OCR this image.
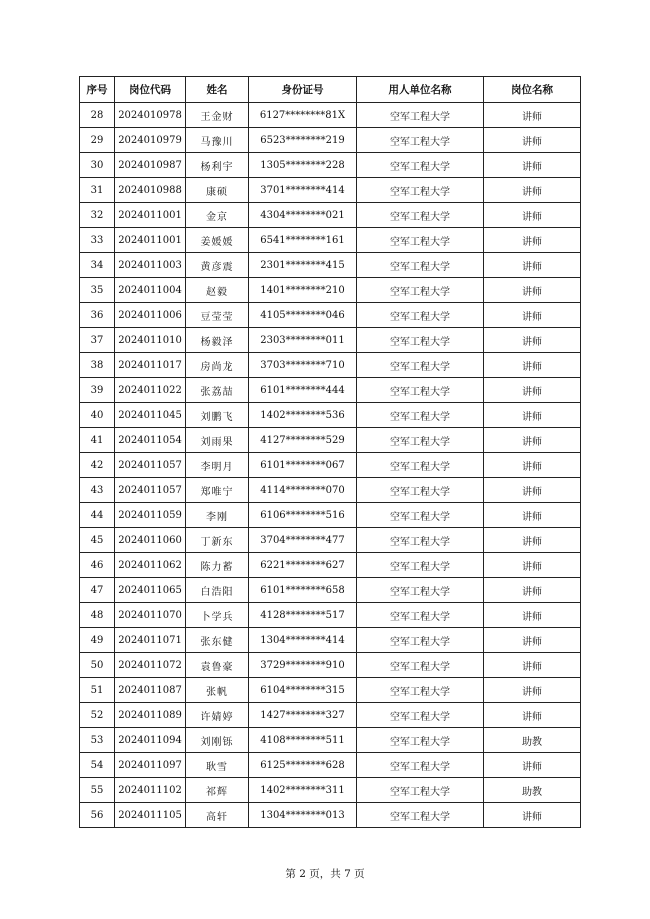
序号	岗位代码	姓名	身份证号	用人单位名称	岗位名称
28	2024010978	王金财	6127********81X	空军工程大学	讲师
29	2024010979	马豫川	6523********219	空军工程大学	讲师
30	2024010987	杨利宇	1305********228	空军工程大学	讲师
31	2024010988	康硕	3701********414	空军工程大学	讲师
32	2024011001	金京	4304********021	空军工程大学	讲师
33	2024011001	姜媛媛	6541********161	空军工程大学	讲师
34	2024011003	黄彦震	2301********415	空军工程大学	讲师
35	2024011004	赵毅	1401********210	空军工程大学	讲师
36	2024011006	豆莹莹	4105********046	空军工程大学	讲师
37	2024011010	杨毅泽	2303********011	空军工程大学	讲师
38	2024011017	房尚龙	3703********710	空军工程大学	讲师
39	2024011022	张荔喆	6101********444	空军工程大学	讲师
40	2024011045	刘鹏飞	1402********536	空军工程大学	讲师
41	2024011054	刘雨果	4127********529	空军工程大学	讲师
42	2024011057	李明月	6101********067	空军工程大学	讲师
43	2024011057	郑唯宁	4114********070	空军工程大学	讲师
44	2024011059	李刚	6106********516	空军工程大学	讲师
45	2024011060	丁新东	3704********477	空军工程大学	讲师
46	2024011062	陈力蓄	6221********627	空军工程大学	讲师
47	2024011065	白浩阳	6101********658	空军工程大学	讲师
48	2024011070	卜学兵	4128********517	空军工程大学	讲师
49	2024011071	张东健	1304********414	空军工程大学	讲师
50	2024011072	袁鲁豪	3729********910	空军工程大学	讲师
51	2024011087	张帆	6104********315	空军工程大学	讲师
52	2024011089	许婧婷	1427********327	空军工程大学	讲师
53	2024011094	刘刚铄	4108********511	空军工程大学	助教
54	2024011097	耿雪	6125********628	空军工程大学	讲师
55	2024011102	祁辉	1402********311	空军工程大学	助教
56	2024011105	高轩	1304********013	空军工程大学	讲师
第 2 页，共 7 页
